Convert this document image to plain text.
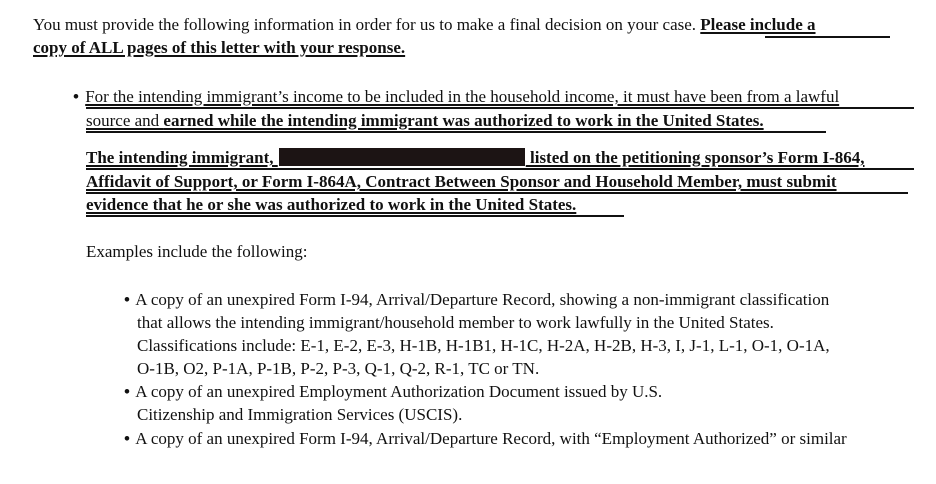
You must provide the following information in order for us to make a final decision on your case. Please include a
copy of ALL pages of this letter with your response.
• For the intending immigrant’s income to be included in the household income, it must have been from a lawful
source and earned while the intending immigrant was authorized to work in the United States.
The intending immigrant,	listed on the petitioning sponsor’s Form I-864,
Affidavit of Support, or Form I-864A, Contract Between Sponsor and Household Member, must submit
evidence that he or she was authorized to work in the United States.
Examples include the following:
• A copy of an unexpired Form I-94, Arrival/Departure Record, showing a non-immigrant classification
that allows the intending immigrant/household member to work lawfully in the United States.
Classifications include: E-1, E-2, E-3, H-1B, H-1B1, H-1C, H-2A, H-2B, H-3, I, J-1, L-1, O-1, O-1A,
O-1B, O2, P-1A, P-1B, P-2, P-3, Q-1, Q-2, R-1, TC or TN.
• A copy of an unexpired Employment Authorization Document issued by U.S.
Citizenship and Immigration Services (USCIS).
• A copy of an unexpired Form I-94, Arrival/Departure Record, with “Employment Authorized” or similar
